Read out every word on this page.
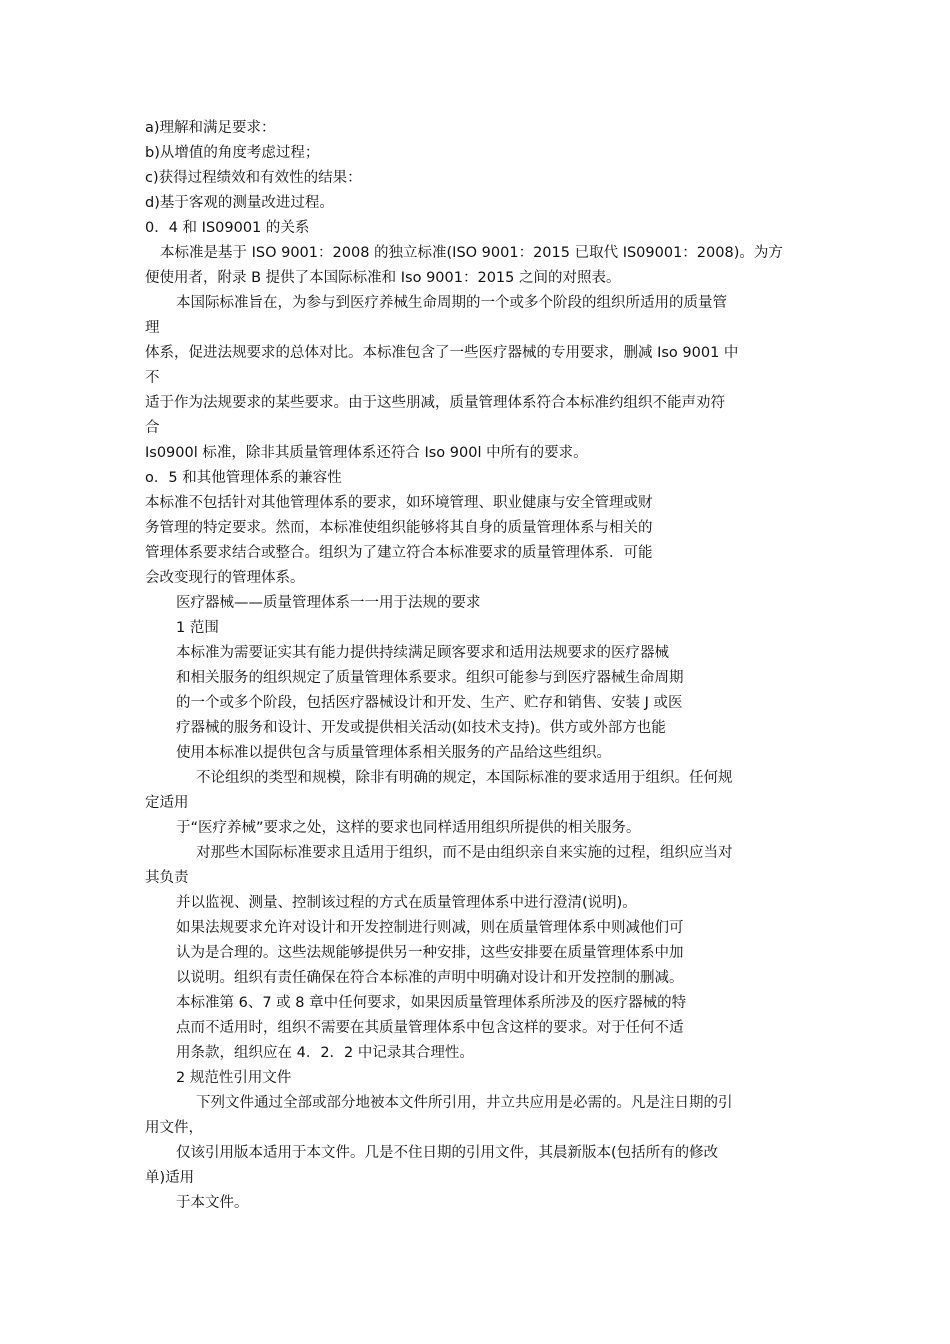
a)理解和满足要求：
b)从增值的角度考虑过程；
c)获得过程绩效和有效性的结果：
d)基于客观的测量改进过程。
0．4 和 IS09001 的关系
本标准是基于 ISO 9001：2008 的独立标准(ISO 9001：2015 已取代 IS09001：2008)。为方
便使用者，附录 B 提供了本国际标准和 Iso 9001：2015 之间的对照表。
本国际标准旨在，为参与到医疗养械生命周期的一个或多个阶段的组织所适用的质量管
理
体系，促进法规要求的总体对比。本标准包含了一些医疗器械的专用要求，删减 Iso 9001 中
不
适于作为法规要求的某些要求。由于这些朋减，质量管理体系符合本标准约组织不能声劝符
合
Is0900l 标准，除非其质量管理体系还符合 Iso 900l 中所有的要求。
o．5 和其他管理体系的兼容性
本标准不包括针对其他管理体系的要求，如环境管理、职业健康与安全管理或财
务管理的特定要求。然而，本标准使组织能够将其自身的质量管理体系与相关的
管理体系要求结合或整合。组织为了建立符合本标准要求的质量管理体系．可能
会改变现行的管理体系。
医疗器械——质量管理体系一一用于法规的要求
1 范围
本标准为需要证实其有能力提供持续满足顾客要求和适用法规要求的医疗器械
和相关服务的组织规定了质量管理体系要求。组织可能参与到医疗器械生命周期
的一个或多个阶段，包括医疗器械设计和开发、生产、贮存和销售、安装 J 或医
疗器械的服务和设计、开发或提供相关活动(如技术支持)。供方或外部方也能
使用本标准以提供包含与质量管理体系相关服务的产品给这些组织。
不论组织的类型和规模，除非有明确的规定，本国际标准的要求适用于组织。任何规
定适用
于“医疗养械”要求之处，这样的要求也同样适用组织所提供的相关服务。
对那些木国际标准要求且适用于组织，而不是由组织亲自来实施的过程，组织应当对
其负责
并以监视、测量、控制该过程的方式在质量管理体系中进行澄清(说明)。
如果法规要求允许对设计和开发控制进行则减，则在质量管理体系中则减他们可
认为是合理的。这些法规能够提供另一种安排，这些安排要在质量管理体系中加
以说明。组织有责任确保在符合本标准的声明中明确对设计和开发控制的删减。
本标准第 6、7 或 8 章中任何要求，如果因质量管理体系所涉及的医疗器械的特
点而不适用时，组织不需要在其质量管理体系中包含这样的要求。对于任何不适
用条款，组织应在 4．2．2 中记录其合理性。
2 规范性引用文件
下列文件通过全部或部分地被本文件所引用，井立共应用是必需的。凡是注日期的引
用文件，
仅该引用版本适用于本文件。几是不住日期的引用文件，其晨新版本(包括所有的修改
单)适用
于本文件。
